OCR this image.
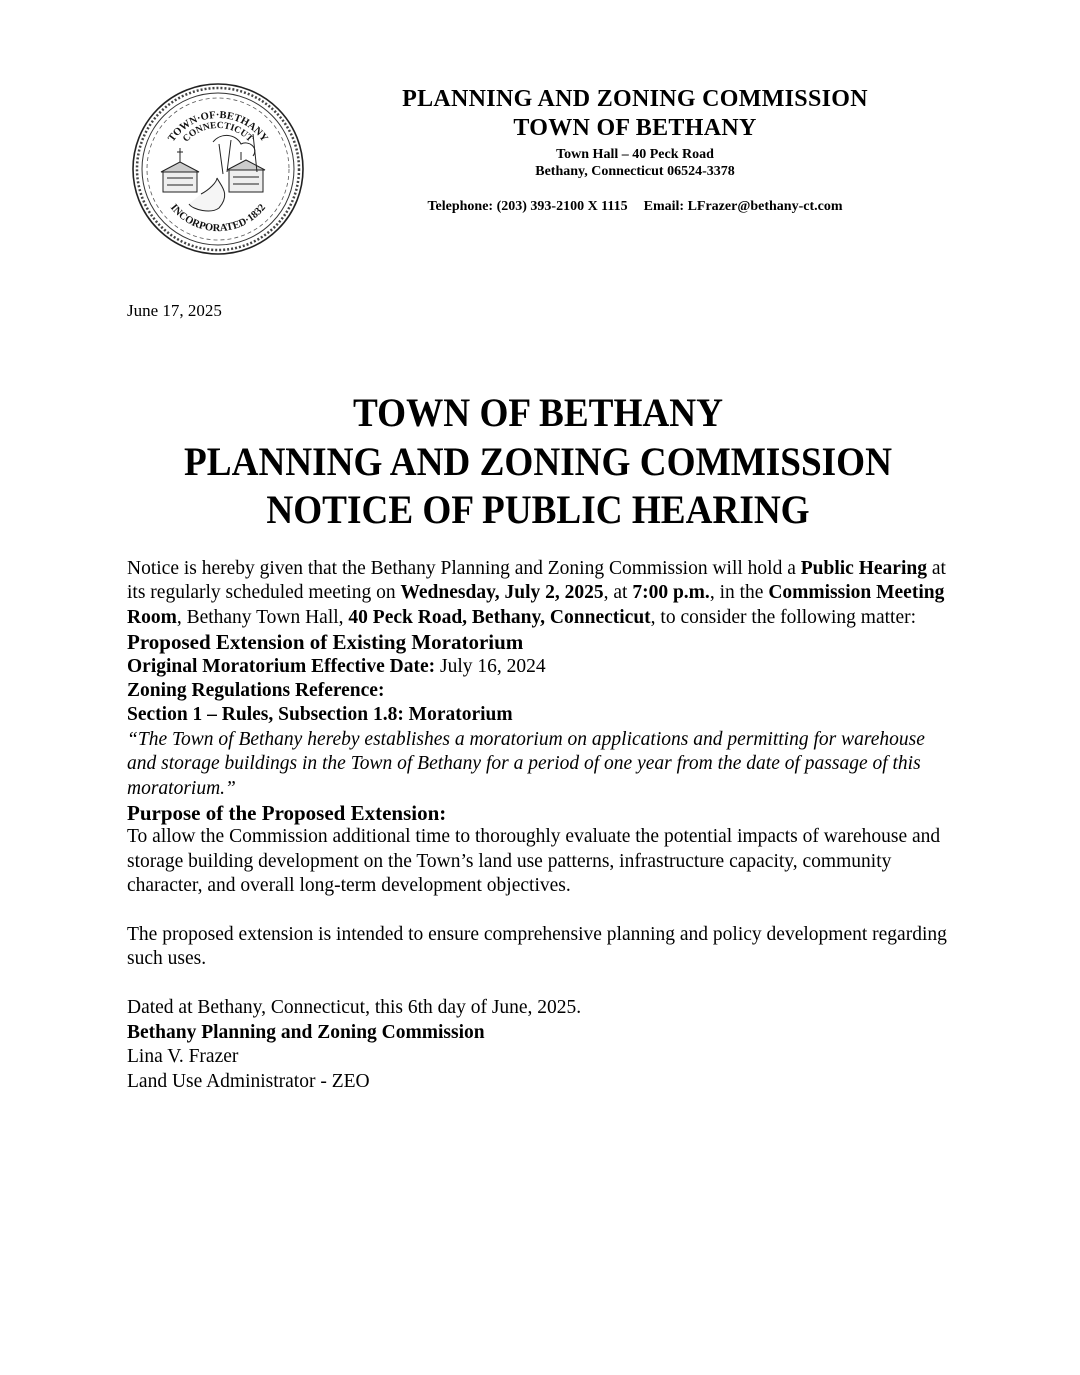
TOWN·OF·BETHANY
CONNECTICUT
INCORPORATED·1832
PLANNING AND ZONING COMMISSION
TOWN OF BETHANY
Town Hall – 40 Peck Road
Bethany, Connecticut 06524-3378
Telephone: (203) 393-2100 X 1115 Email: LFrazer@bethany-ct.com
June 17, 2025
TOWN OF BETHANY
PLANNING AND ZONING COMMISSION
NOTICE OF PUBLIC HEARING

Notice is hereby given that the Bethany Planning and Zoning Commission will hold a Public Hearing at its regularly scheduled meeting on Wednesday, July 2, 2025, at 7:00 p.m., in the Commission Meeting Room, Bethany Town Hall, 40 Peck Road, Bethany, Connecticut, to consider the following matter:

Proposed Extension of Existing Moratorium

Original Moratorium Effective Date: July 16, 2024

Zoning Regulations Reference:

Section 1 – Rules, Subsection 1.8: Moratorium

“The Town of Bethany hereby establishes a moratorium on applications and permitting for warehouse and storage buildings in the Town of Bethany for a period of one year from the date of passage of this moratorium.”

Purpose of the Proposed Extension:

To allow the Commission additional time to thoroughly evaluate the potential impacts of warehouse and storage building development on the Town’s land use patterns, infrastructure capacity, community character, and overall long-term development objectives.

The proposed extension is intended to ensure comprehensive planning and policy development regarding such uses.

Dated at Bethany, Connecticut, this 6th day of June, 2025.

Bethany Planning and Zoning Commission

Lina V. Frazer

Land Use Administrator - ZEO
